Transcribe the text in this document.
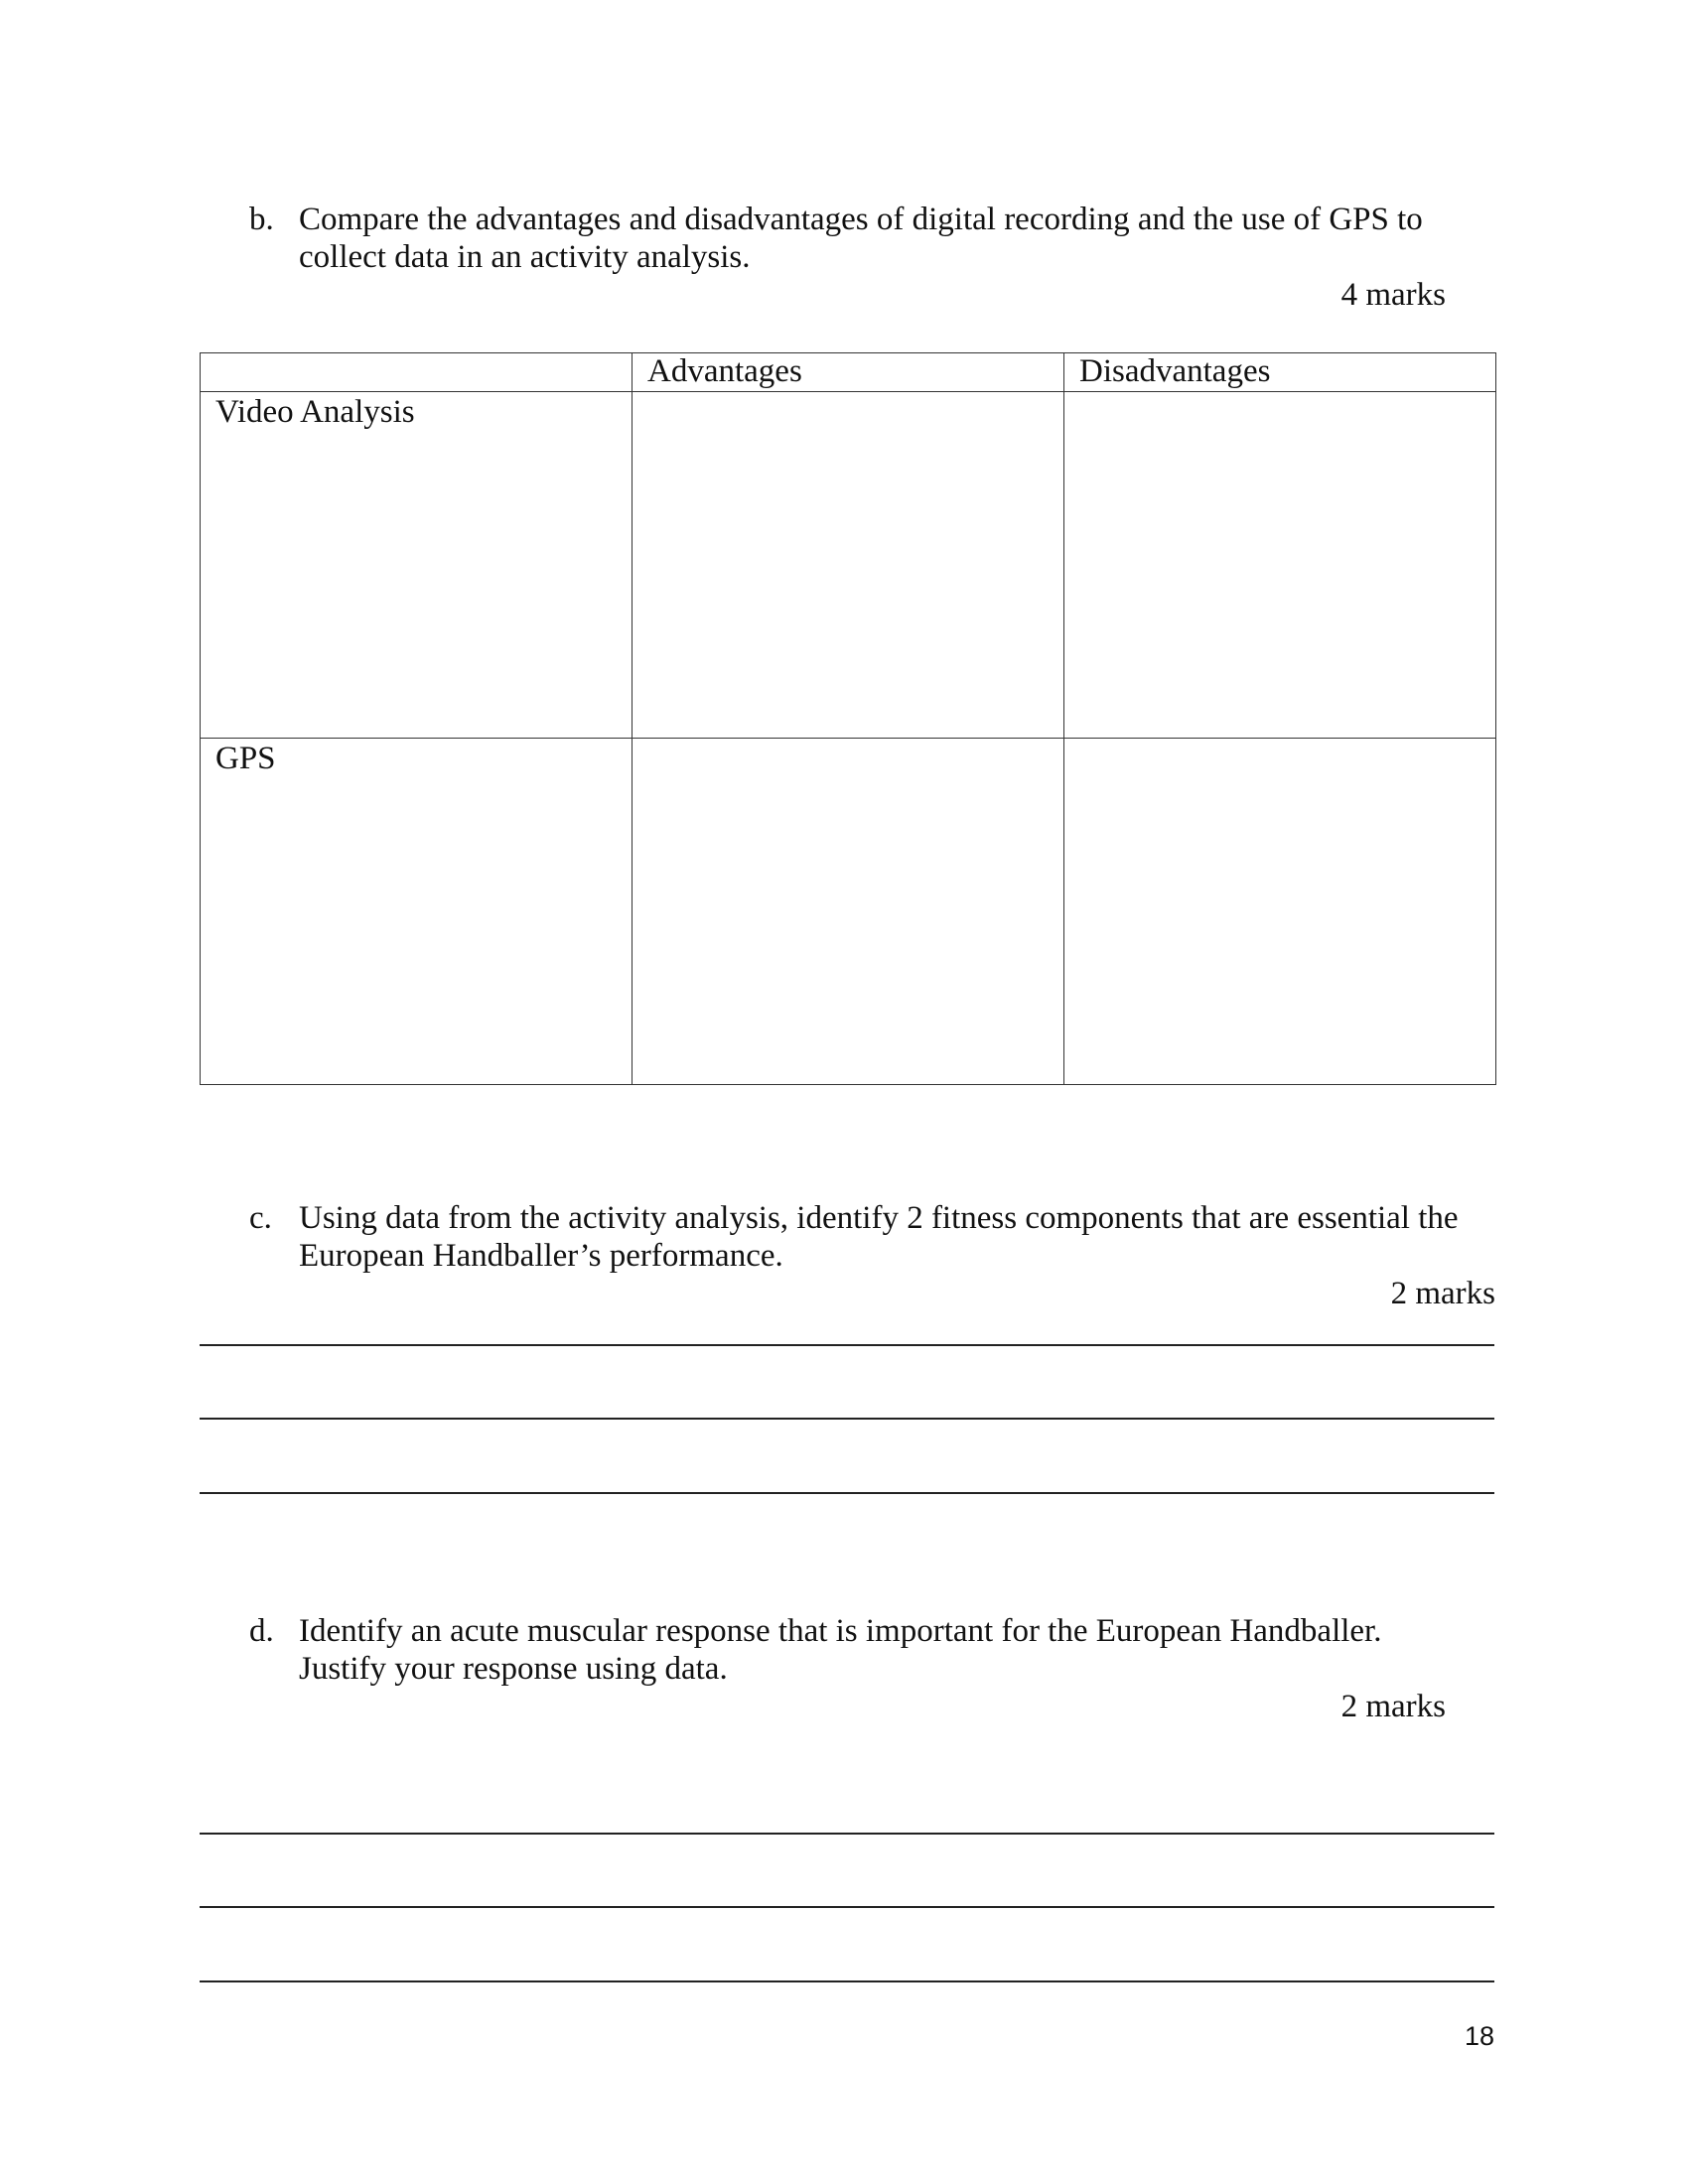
b. Compare the advantages and disadvantages of digital recording and the use of GPS to
collect data in an activity analysis.
4 marks
	Advantages	Disadvantages
Video Analysis		
GPS		
c. Using data from the activity analysis, identify 2 fitness components that are essential the
European Handballer’s performance.
2 marks
d. Identify an acute muscular response that is important for the European Handballer.
Justify your response using data.
2 marks
18
